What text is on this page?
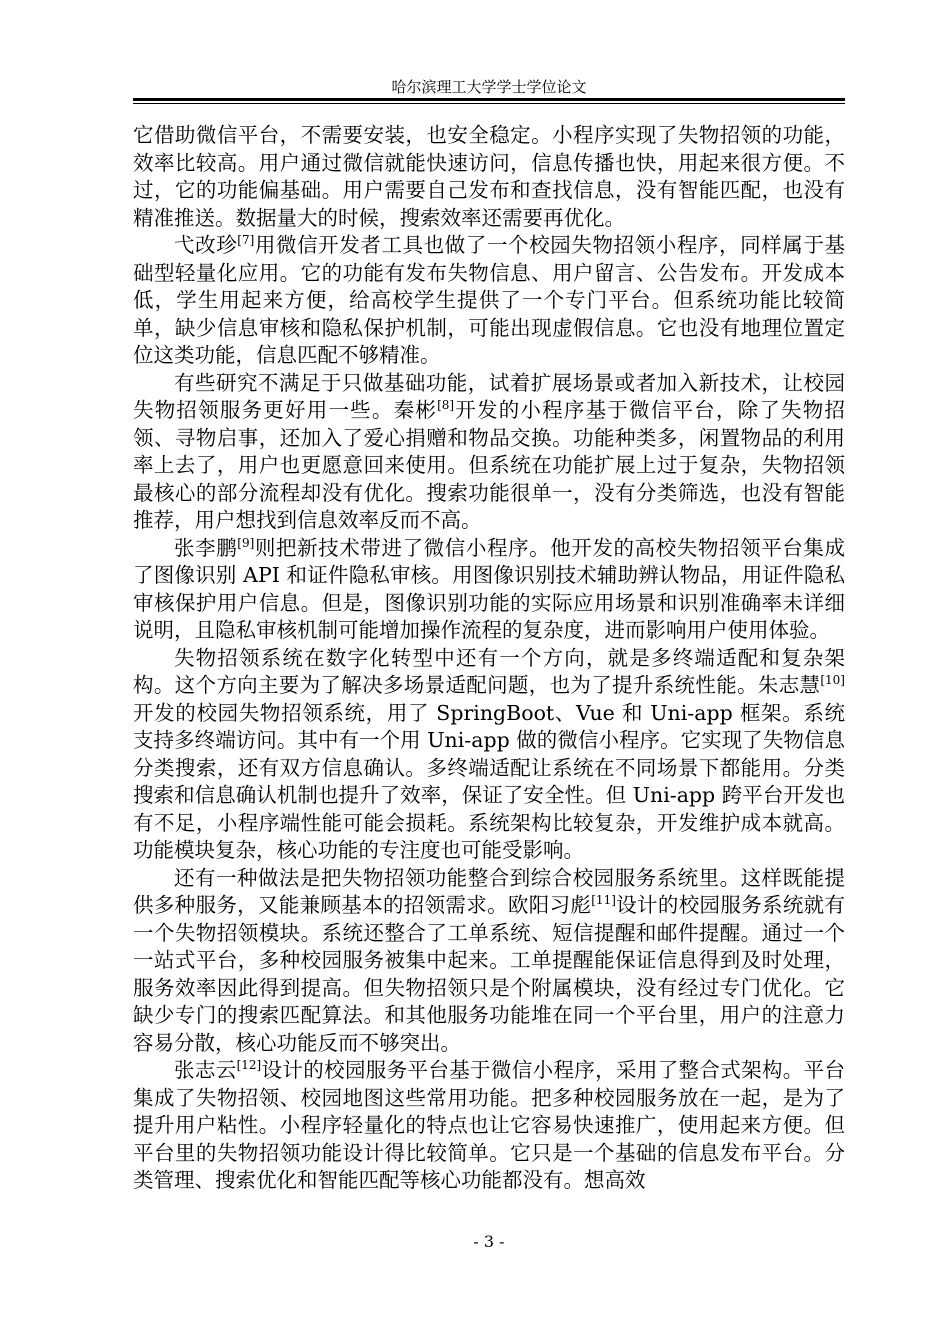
哈尔滨理工大学学士学位论文

它借助微信平台，不需要安装，也安全稳定。小程序实现了失物招领的功能，效率比较高。用户通过微信就能快速访问，信息传播也快，用起来很方便。不过，它的功能偏基础。用户需要自己发布和查找信息，没有智能匹配，也没有精准推送。数据量大的时候，搜索效率还需要再优化。

弋改珍[7]用微信开发者工具也做了一个校园失物招领小程序，同样属于基础型轻量化应用。它的功能有发布失物信息、用户留言、公告发布。开发成本低，学生用起来方便，给高校学生提供了一个专门平台。但系统功能比较简单，缺少信息审核和隐私保护机制，可能出现虚假信息。它也没有地理位置定位这类功能，信息匹配不够精准。

有些研究不满足于只做基础功能，试着扩展场景或者加入新技术，让校园失物招领服务更好用一些。秦彬[8]开发的小程序基于微信平台，除了失物招领、寻物启事，还加入了爱心捐赠和物品交换。功能种类多，闲置物品的利用率上去了，用户也更愿意回来使用。但系统在功能扩展上过于复杂，失物招领最核心的部分流程却没有优化。搜索功能很单一，没有分类筛选，也没有智能推荐，用户想找到信息效率反而不高。

张李鹏[9]则把新技术带进了微信小程序。他开发的高校失物招领平台集成了图像识别 API 和证件隐私审核。用图像识别技术辅助辨认物品，用证件隐私审核保护用户信息。但是，图像识别功能的实际应用场景和识别准确率未详细说明，且隐私审核机制可能增加操作流程的复杂度，进而影响用户使用体验。

失物招领系统在数字化转型中还有一个方向，就是多终端适配和复杂架构。这个方向主要为了解决多场景适配问题，也为了提升系统性能。朱志慧[10]开发的校园失物招领系统，用了 SpringBoot、Vue 和 Uni-app 框架。系统支持多终端访问。其中有一个用 Uni-app 做的微信小程序。它实现了失物信息分类搜索，还有双方信息确认。多终端适配让系统在不同场景下都能用。分类搜索和信息确认机制也提升了效率，保证了安全性。但 Uni-app 跨平台开发也有不足，小程序端性能可能会损耗。系统架构比较复杂，开发维护成本就高。功能模块复杂，核心功能的专注度也可能受影响。

还有一种做法是把失物招领功能整合到综合校园服务系统里。这样既能提供多种服务，又能兼顾基本的招领需求。欧阳习彪[11]设计的校园服务系统就有一个失物招领模块。系统还整合了工单系统、短信提醒和邮件提醒。通过一个一站式平台，多种校园服务被集中起来。工单提醒能保证信息得到及时处理，服务效率因此得到提高。但失物招领只是个附属模块，没有经过专门优化。它缺少专门的搜索匹配算法。和其他服务功能堆在同一个平台里，用户的注意力容易分散，核心功能反而不够突出。

张志云[12]设计的校园服务平台基于微信小程序，采用了整合式架构。平台集成了失物招领、校园地图这些常用功能。把多种校园服务放在一起，是为了提升用户粘性。小程序轻量化的特点也让它容易快速推广，使用起来方便。但平台里的失物招领功能设计得比较简单。它只是一个基础的信息发布平台。分类管理、搜索优化和智能匹配等核心功能都没有。想高效

- 3 -
